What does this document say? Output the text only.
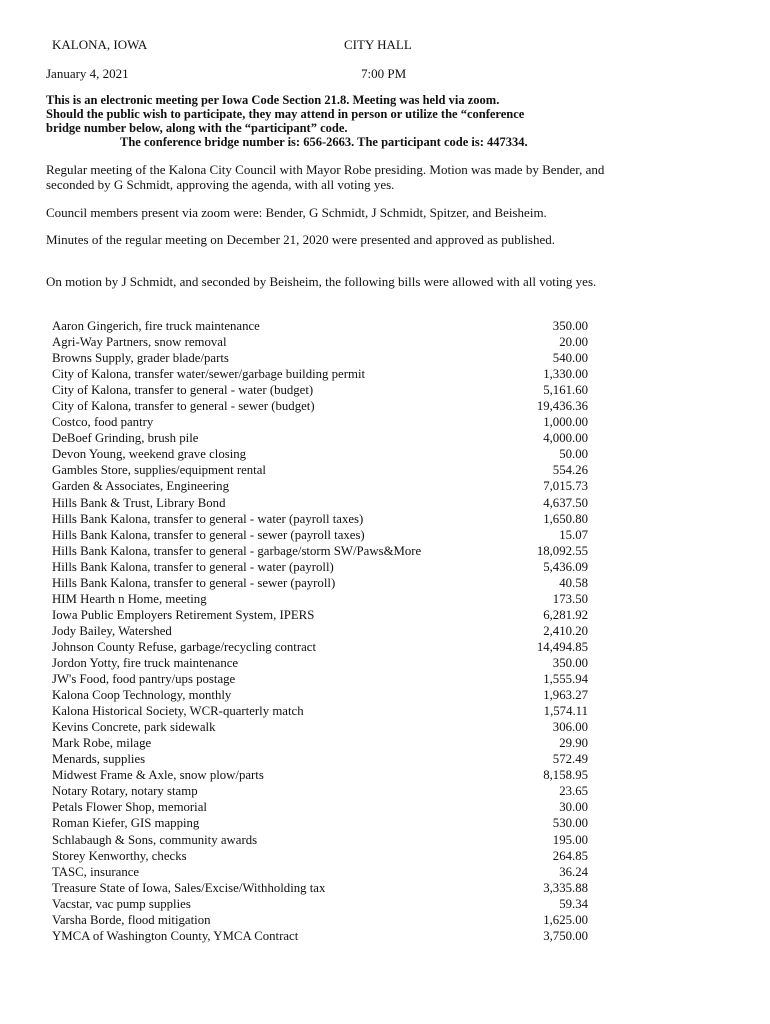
KALONA, IOWA	CITY HALL
January 4, 2021	7:00 PM
This is an electronic meeting per Iowa Code Section 21.8. Meeting was held via zoom.
Should the public wish to participate, they may attend in person or utilize the “conference
bridge number below, along with the “participant” code.
The conference bridge number is: 656-2663. The participant code is: 447334.
Regular meeting of the Kalona City Council with Mayor Robe presiding. Motion was made by Bender, and seconded by G Schmidt, approving the agenda, with all voting yes.
Council members present via zoom were: Bender, G Schmidt, J Schmidt, Spitzer, and Beisheim.
Minutes of the regular meeting on December 21, 2020 were presented and approved as published.
On motion by J Schmidt, and seconded by Beisheim, the following bills were allowed with all voting yes.
Aaron Gingerich, fire truck maintenance	350.00
Agri-Way Partners, snow removal	20.00
Browns Supply, grader blade/parts	540.00
City of Kalona, transfer water/sewer/garbage building permit	1,330.00
City of Kalona, transfer to general - water (budget)	5,161.60
City of Kalona, transfer to general - sewer (budget)	19,436.36
Costco, food pantry	1,000.00
DeBoef Grinding, brush pile	4,000.00
Devon Young, weekend grave closing	50.00
Gambles Store, supplies/equipment rental	554.26
Garden & Associates, Engineering	7,015.73
Hills Bank & Trust, Library Bond	4,637.50
Hills Bank Kalona, transfer to general - water (payroll taxes)	1,650.80
Hills Bank Kalona, transfer to general - sewer (payroll taxes)	15.07
Hills Bank Kalona, transfer to general - garbage/storm SW/Paws&More	18,092.55
Hills Bank Kalona, transfer to general - water (payroll)	5,436.09
Hills Bank Kalona, transfer to general - sewer (payroll)	40.58
HIM Hearth n Home, meeting	173.50
Iowa Public Employers Retirement System, IPERS	6,281.92
Jody Bailey, Watershed	2,410.20
Johnson County Refuse, garbage/recycling contract	14,494.85
Jordon Yotty, fire truck maintenance	350.00
JW's Food, food pantry/ups postage	1,555.94
Kalona Coop Technology, monthly	1,963.27
Kalona Historical Society, WCR-quarterly match	1,574.11
Kevins Concrete, park sidewalk	306.00
Mark Robe, milage	29.90
Menards, supplies	572.49
Midwest Frame & Axle, snow plow/parts	8,158.95
Notary Rotary, notary stamp	23.65
Petals Flower Shop, memorial	30.00
Roman Kiefer, GIS mapping	530.00
Schlabaugh & Sons, community awards	195.00
Storey Kenworthy, checks	264.85
TASC, insurance	36.24
Treasure State of Iowa, Sales/Excise/Withholding tax	3,335.88
Vacstar, vac pump supplies	59.34
Varsha Borde, flood mitigation	1,625.00
YMCA of Washington County, YMCA Contract	3,750.00
